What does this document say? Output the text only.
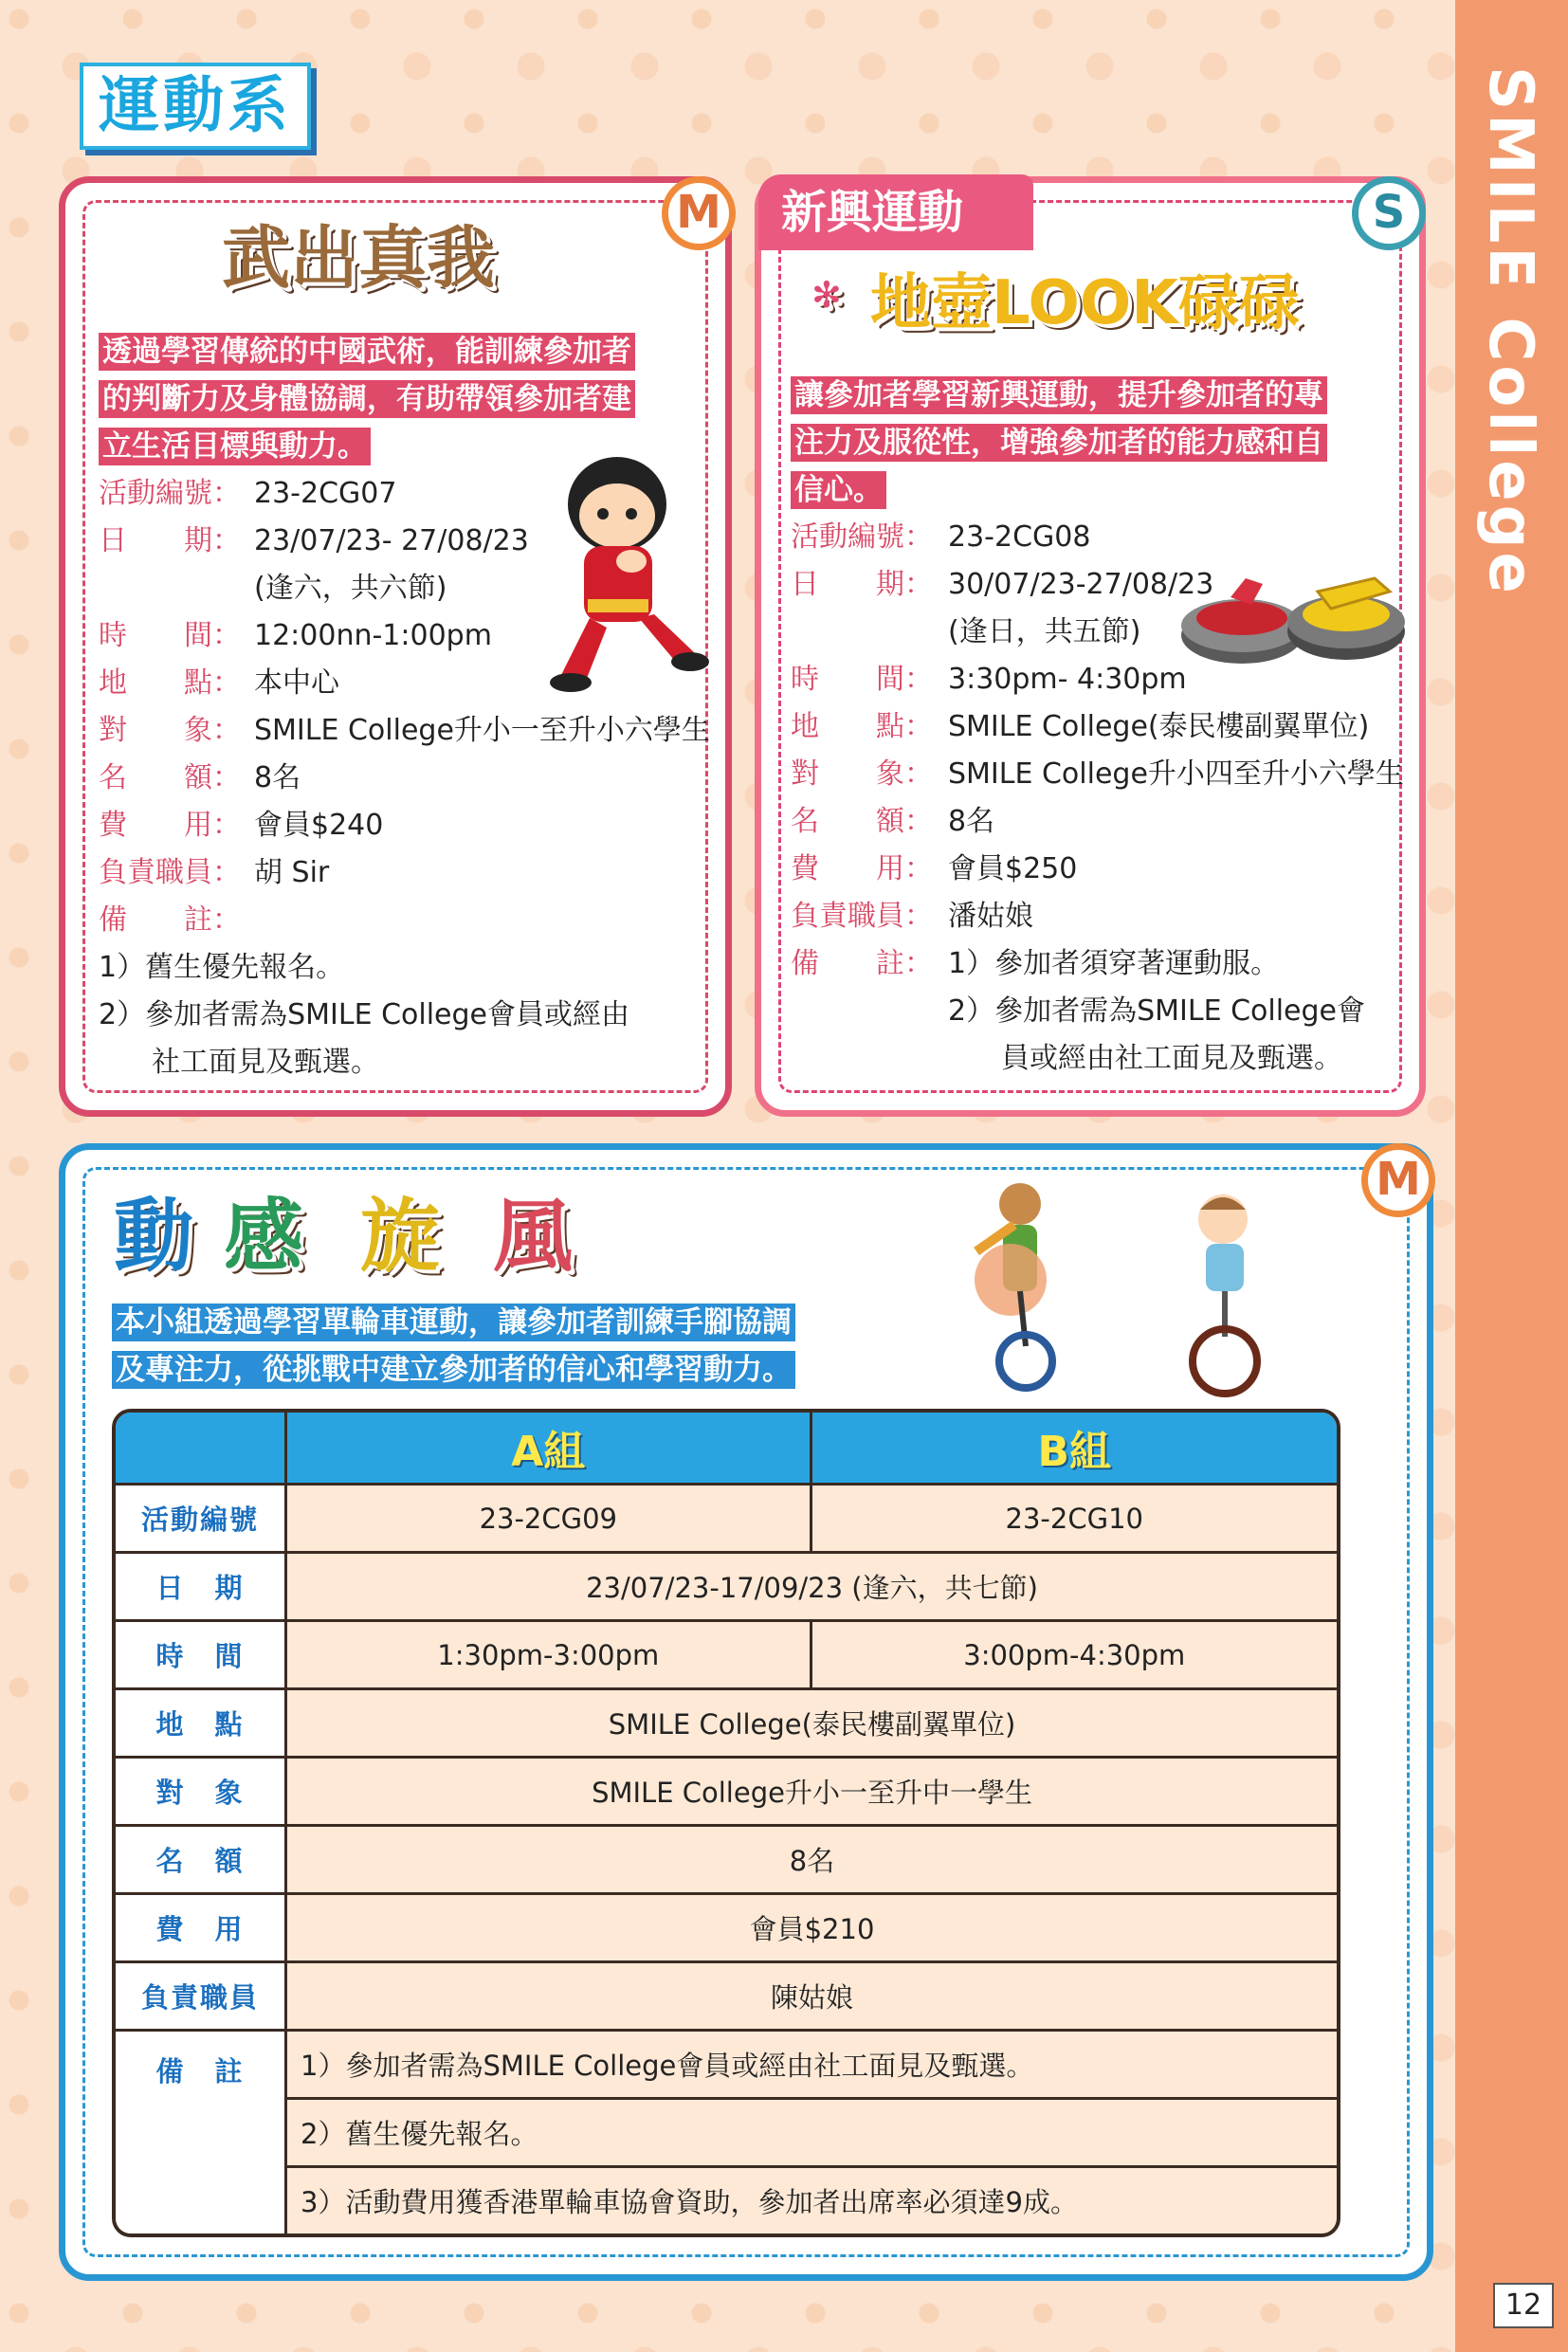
SMILE College
12
運動系
M
武出真我
透過學習傳統的中國武術，能訓練參加者
的判斷力及身體協調，有助帶領參加者建
立生活目標與動力。
活動編號： 23-2CG07
日　　期： 23/07/23- 27/08/23
(逢六，共六節)
時　　間： 12:00nn-1:00pm
地　　點： 本中心
對　　象： SMILE College升小一至升小六學生
名　　額： 8名
費　　用： 會員$240
負責職員： 胡 Sir
備　　註：
1）舊生優先報名。
2）參加者需為SMILE College會員或經由
社工面見及甄選。
新興運動	S
✻ 地壺LOOK碌碌
讓參加者學習新興運動，提升參加者的專
注力及服從性，增強參加者的能力感和自
信心。
活動編號： 23-2CG08
日　　期： 30/07/23-27/08/23
(逢日，共五節)
時　　間： 3:30pm- 4:30pm
地　　點： SMILE College(泰民樓副翼單位)
對　　象： SMILE College升小四至升小六學生
名　　額： 8名
費　　用： 會員$250
負責職員： 潘姑娘
備　　註： 1）參加者須穿著運動服。
2）參加者需為SMILE College會
員或經由社工面見及甄選。
M
動 感 旋 風
本小組透過學習單輪車運動，讓參加者訓練手腳協調
及專注力，從挑戰中建立參加者的信心和學習動力。
	A組	B組
活動編號	23-2CG09	23-2CG10
日　期	23/07/23-17/09/23 (逢六，共七節)	
時　間	1:30pm-3:00pm	3:00pm-4:30pm
地　點	SMILE College(泰民樓副翼單位)	
對　象	SMILE College升小一至升中一學生	
名　額	8名	
費　用	會員$210	
負責職員	陳姑娘	
備　註	1）參加者需為SMILE College會員或經由社工面見及甄選。	
	2）舊生優先報名。	
	3）活動費用獲香港單輪車協會資助，參加者出席率必須達9成。	
